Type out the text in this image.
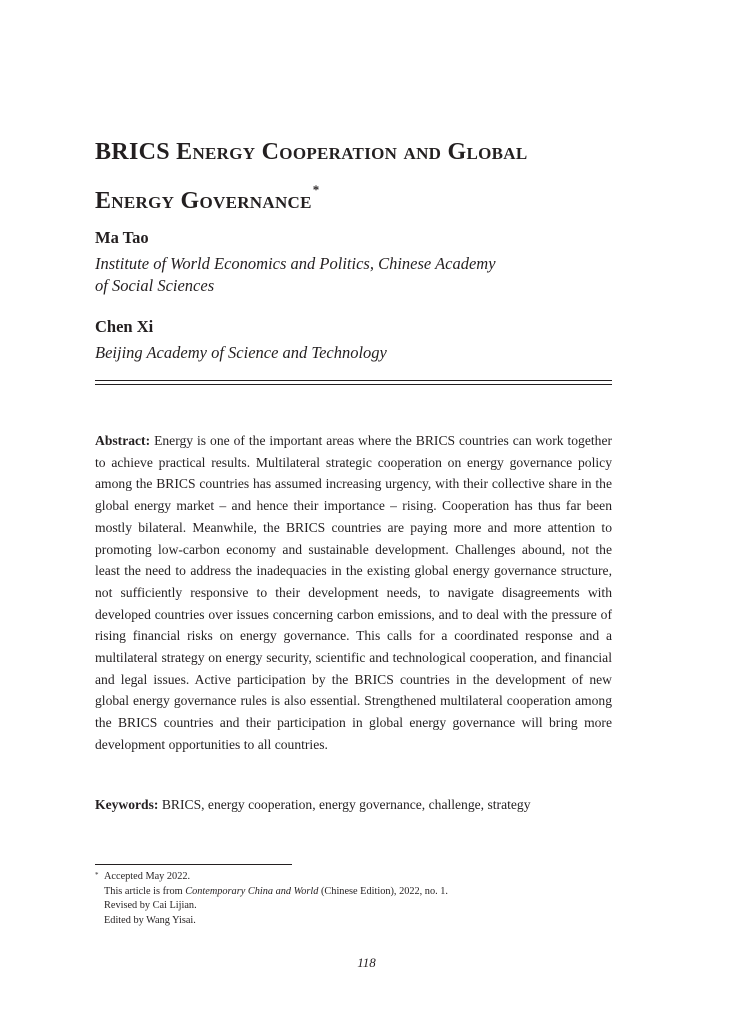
BRICS Energy Cooperation and Global
Energy Governance*

Ma Tao

Institute of World Economics and Politics, Chinese Academy
of Social Sciences

Chen Xi

Beijing Academy of Science and Technology

Abstract: Energy is one of the important areas where the BRICS countries can work together to achieve practical results. Multilateral strategic cooperation on energy governance policy among the BRICS countries has assumed increasing urgency, with their collective share in the global energy market – and hence their importance – rising. Cooperation has thus far been mostly bilateral. Meanwhile, the BRICS countries are paying more and more attention to promoting low-carbon economy and sustainable development. Challenges abound, not the least the need to address the inadequacies in the existing global energy governance structure, not sufficiently responsive to their development needs, to navigate disagreements with developed countries over issues concerning carbon emissions, and to deal with the pressure of rising financial risks on energy governance. This calls for a coordinated response and a multilateral strategy on energy security, scientific and technological cooperation, and financial and legal issues. Active participation by the BRICS countries in the development of new global energy governance rules is also essential. Strengthened multilateral cooperation among the BRICS countries and their participation in global energy governance will bring more development opportunities to all countries.

Keywords: BRICS, energy cooperation, energy governance, challenge, strategy

* Accepted May 2022.
This article is from Contemporary China and World (Chinese Edition), 2022, no. 1.
Revised by Cai Lijian.
Edited by Wang Yisai.
118
